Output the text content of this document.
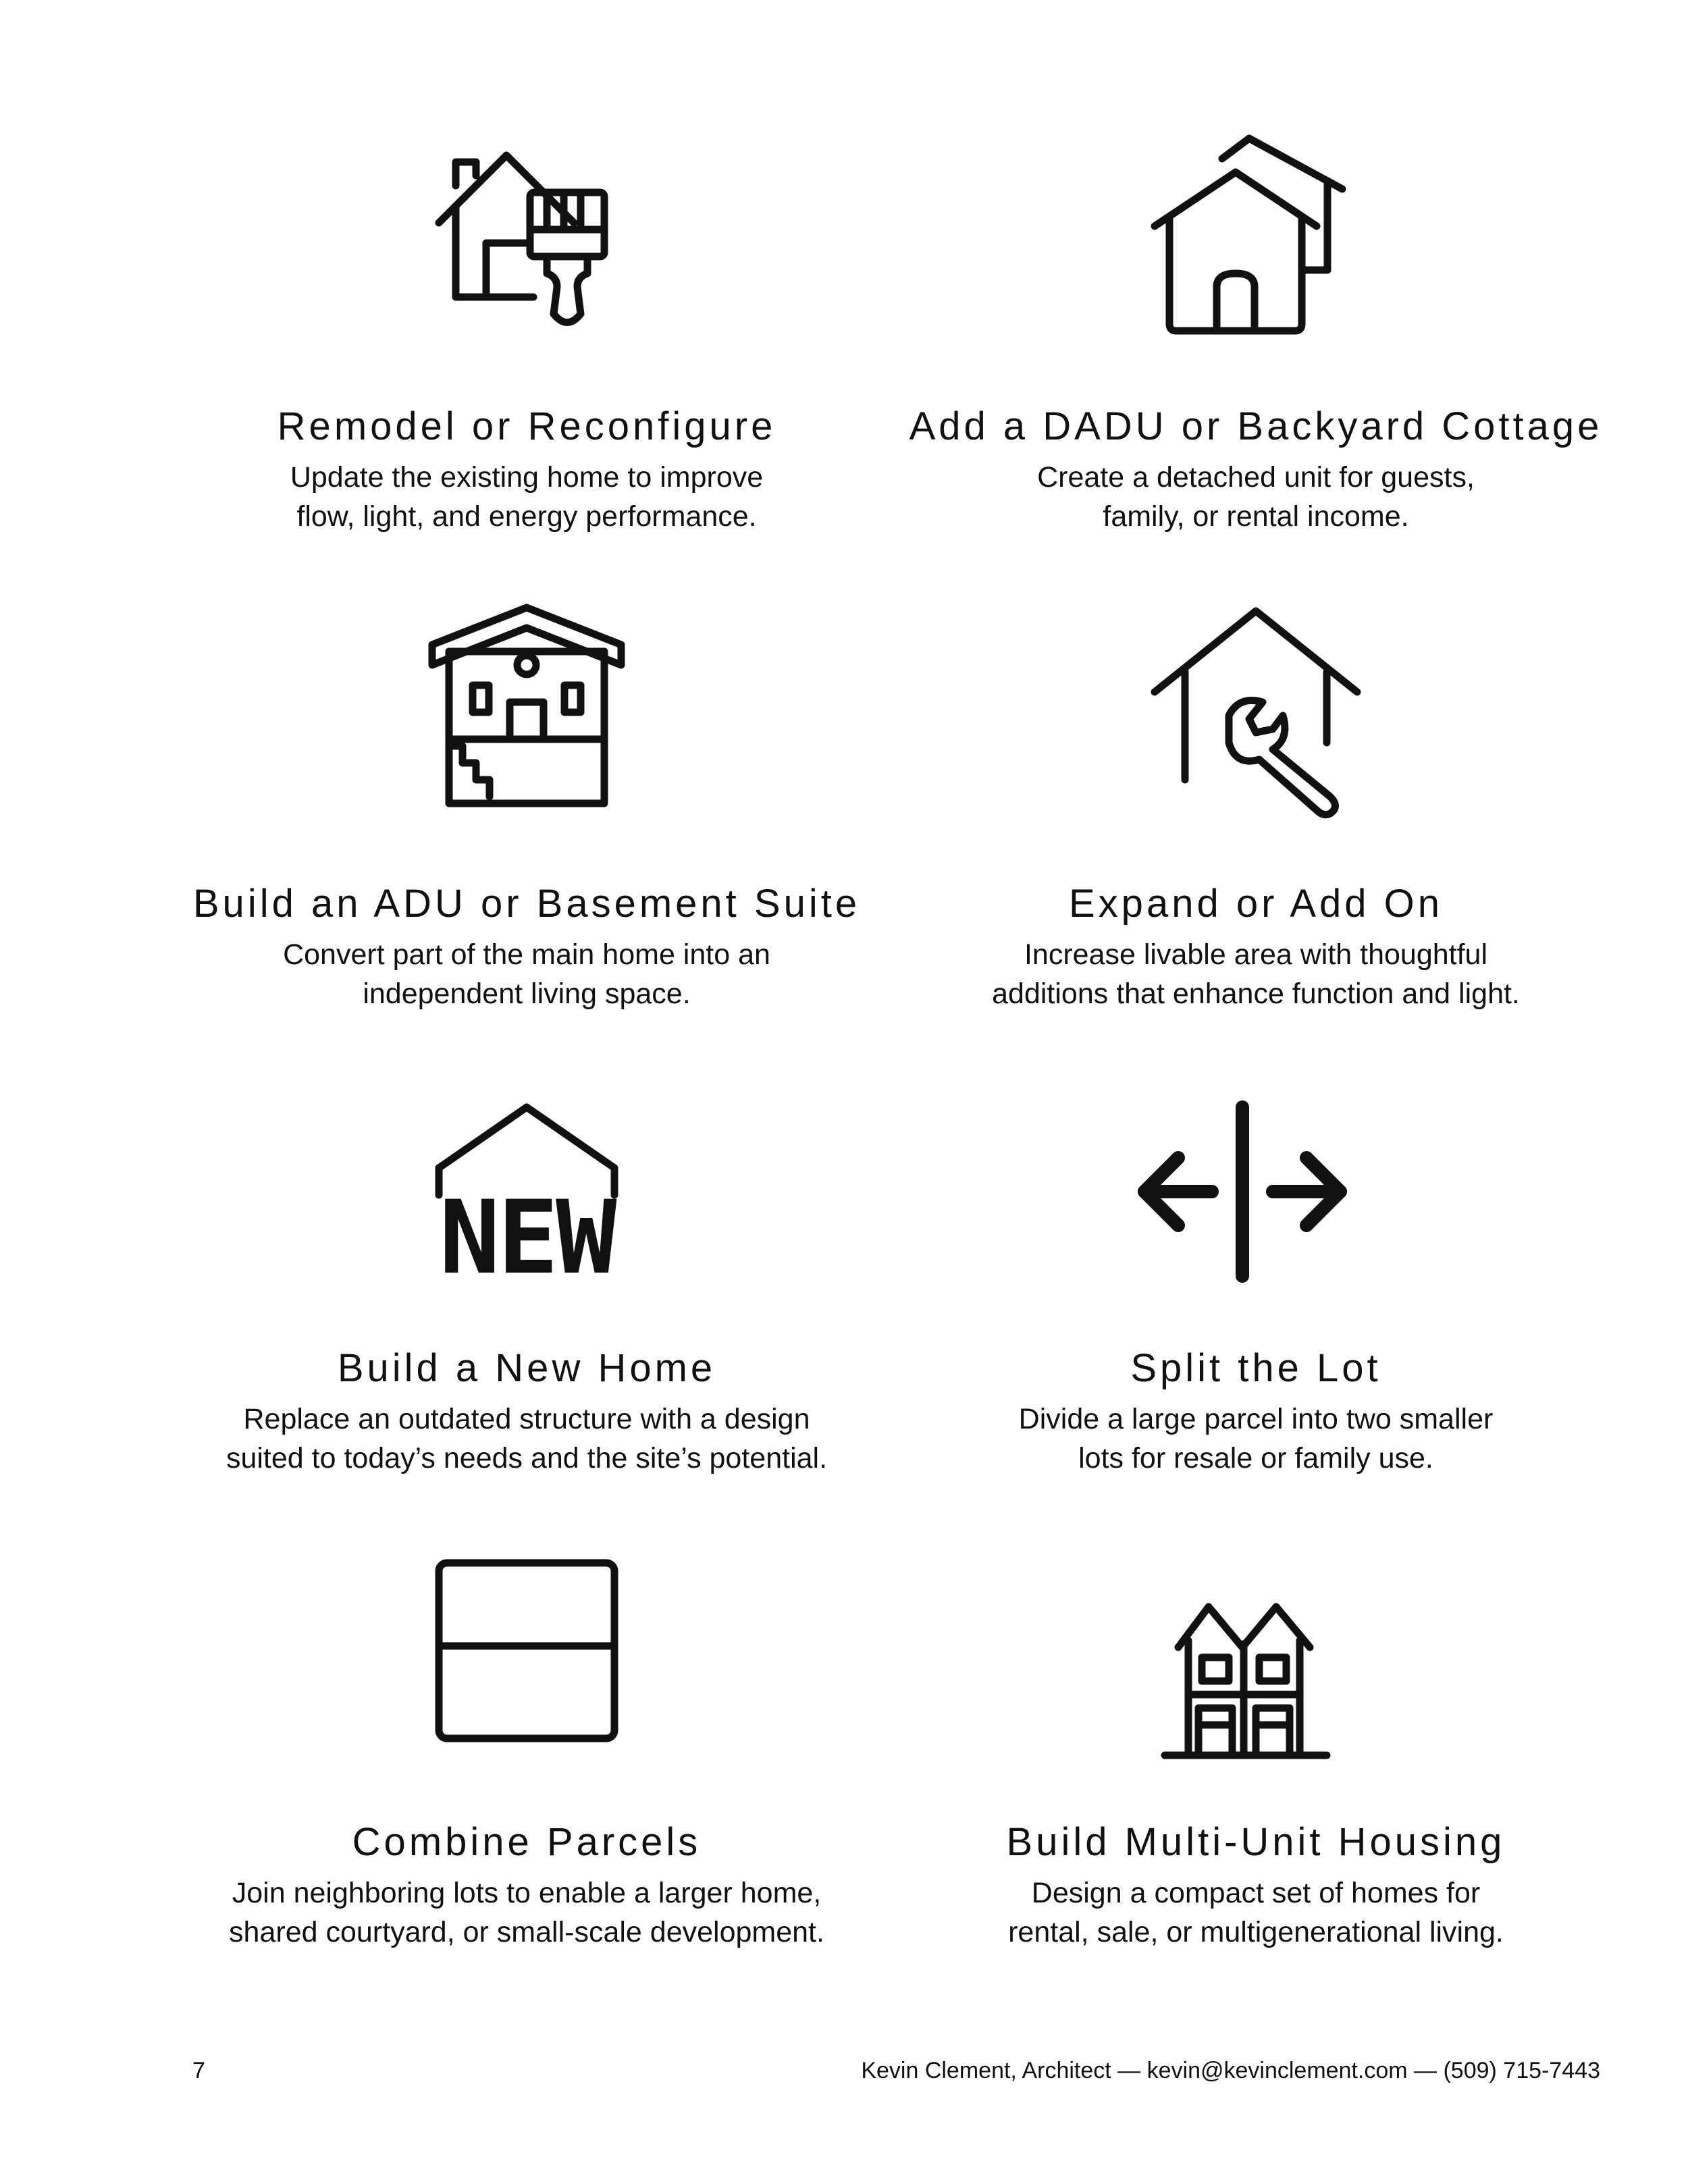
Remodel or Reconfigure
Update the existing home to improve
flow, light, and energy performance.
Add a DADU or Backyard Cottage
Create a detached unit for guests,
family, or rental income.
Build an ADU or Basement Suite
Convert part of the main home into an
independent living space.
Expand or Add On
Increase livable area with thoughtful
additions that enhance function and light.
NEW
Build a New Home
Replace an outdated structure with a design
suited to today’s needs and the site’s potential.
Split the Lot
Divide a large parcel into two smaller
lots for resale or family use.
Combine Parcels
Join neighboring lots to enable a larger home,
shared courtyard, or small-scale development.
Build Multi-Unit Housing
Design a compact set of homes for
rental, sale, or multigenerational living.
7	Kevin Clement, Architect — kevin@kevinclement.com — (509) 715-7443
